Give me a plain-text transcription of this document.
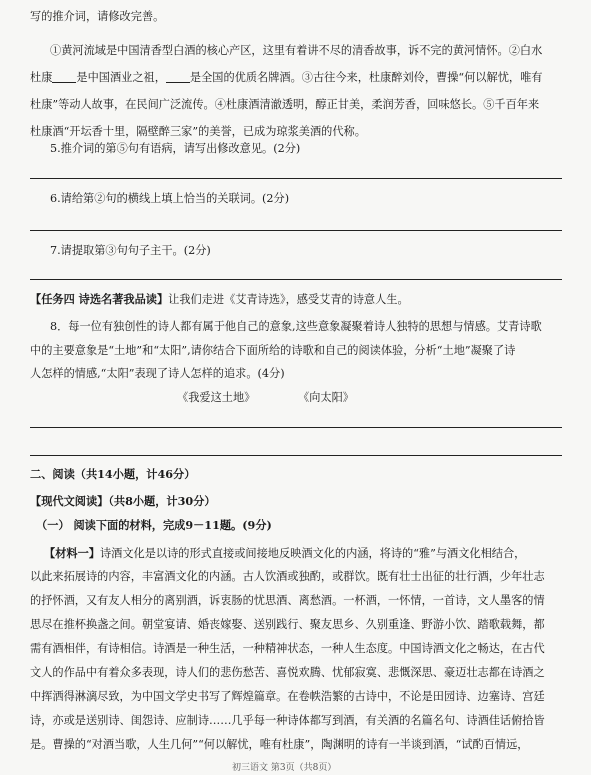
写的推介词，请修改完善。
①黄河流域是中国清香型白酒的核心产区，这里有着讲不尽的清香故事，诉不完的黄河情怀。②白水
杜康 是中国酒业之祖， 是全国的优质名牌酒。③古往今来，杜康醉刘伶，曹操“何以解忧，唯有
杜康”等动人故事，在民间广泛流传。④杜康酒清澈透明，醇正甘美，柔润芳香，回味悠长。⑤千百年来
杜康酒“开坛香十里，隔壁醉三家”的美誉，已成为琼浆美酒的代称。
5.推介词的第⑤句有语病，请写出修改意见。(2分)
6.请给第②句的横线上填上恰当的关联词。(2分)
7.请提取第③句句子主干。(2分)
【任务四 诗选名著我品读】让我们走进《艾青诗选》，感受艾青的诗意人生。
8．每一位有独创性的诗人都有属于他自己的意象,这些意象凝聚着诗人独特的思想与情感。艾青诗歌
中的主要意象是“土地”和“太阳”,请你结合下面所给的诗歌和自己的阅读体验，分析“土地”凝聚了诗
人怎样的情感,“太阳”表现了诗人怎样的追求。(4分)
《我爱这土地》	《向太阳》
二、阅读（共14小题，计46分）
【现代文阅读】（共8小题，计30分）
（一） 阅读下面的材料，完成9－11题。(9分)
【材料一】诗酒文化是以诗的形式直接或间接地反映酒文化的内涵，将诗的“雅”与酒文化相结合，
以此来拓展诗的内容，丰富酒文化的内涵。古人饮酒或独酌，或群饮。既有壮士出征的壮行酒，少年壮志
的抒怀酒，又有友人相分的离别酒，诉衷肠的忧思酒、离愁酒。一杯酒，一怀情，一首诗，文人墨客的情
思尽在推杯换盏之间。朝堂宴请、婚丧嫁娶、送别践行、聚友思乡、久别重逢、野游小饮、踏歌载舞，都
需有酒相伴，有诗相信。诗酒是一种生活，一种精神状态，一种人生态度。中国诗酒文化之畅达，在古代
文人的作品中有着众多表现，诗人们的悲伤愁苦、喜悦欢腾、忧郁寂寞、悲慨深思、豪迈壮志都在诗酒之
中挥洒得淋漓尽致，为中国文学史书写了辉煌篇章。在卷帙浩繁的古诗中，不论是田园诗、边塞诗、宫廷
诗，亦或是送别诗、闺怨诗、应制诗……几乎每一种诗体都写到酒，有关酒的名篇名句、诗酒佳话俯拾皆
是。曹操的“对酒当歌，人生几何”“何以解忧，唯有杜康”，陶渊明的诗有一半谈到酒，“试酌百情远，
初三语文 第3页（共8页）
